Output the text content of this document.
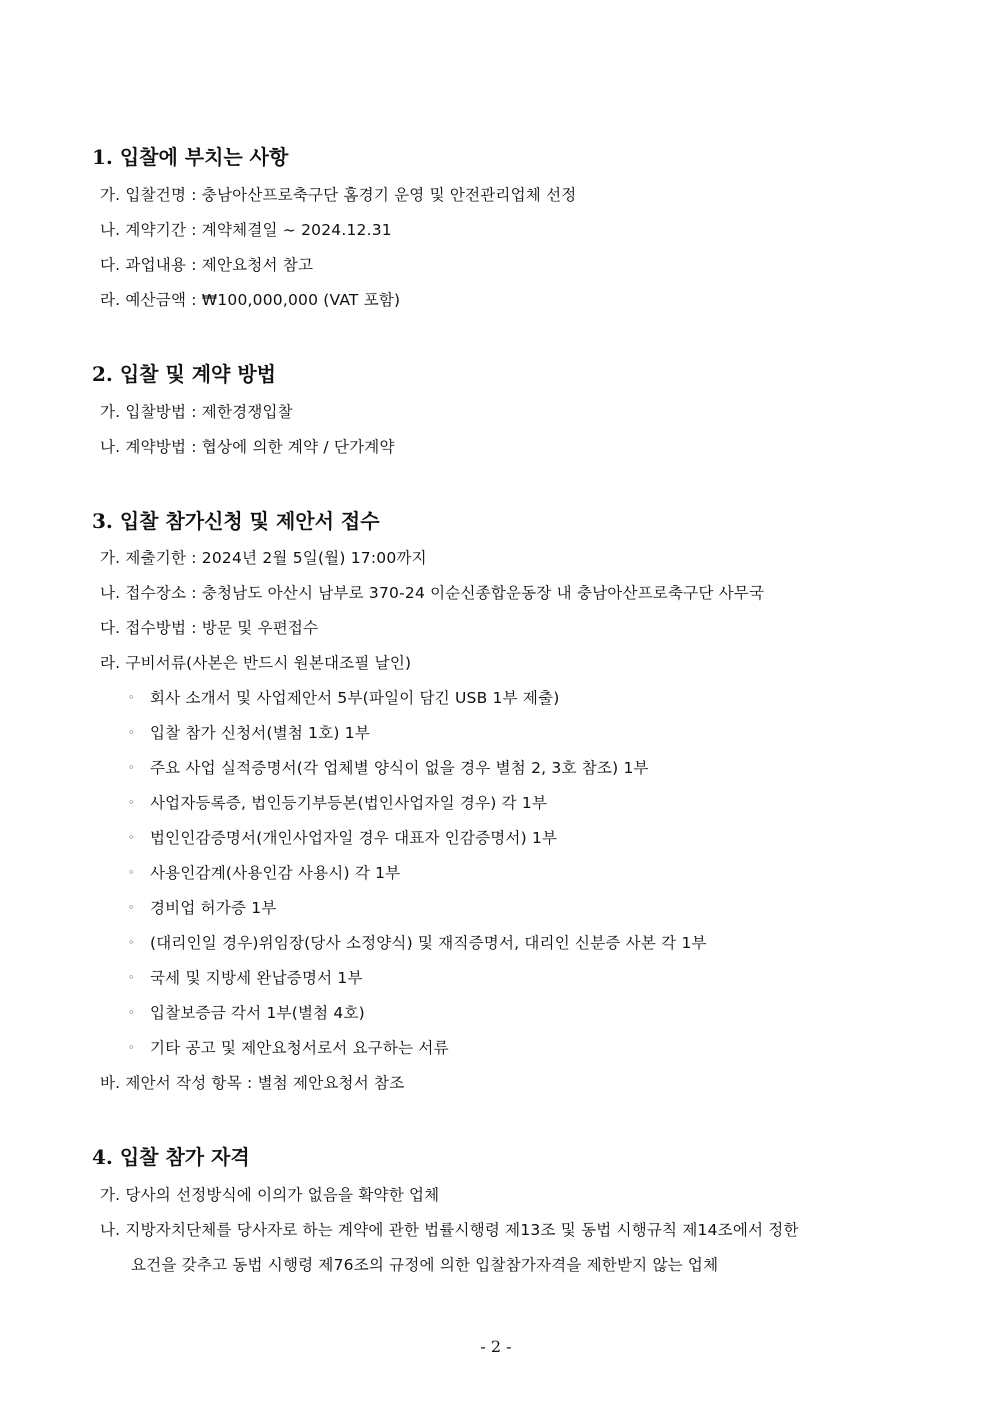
1. 입찰에 부치는 사항
가. 입찰건명 : 충남아산프로축구단 홈경기 운영 및 안전관리업체 선정
나. 계약기간 : 계약체결일 ~ 2024.12.31
다. 과업내용 : 제안요청서 참고
라. 예산금액 : ₩100,000,000 (VAT 포함)
2. 입찰 및 계약 방법
가. 입찰방법 : 제한경쟁입찰
나. 계약방법 : 협상에 의한 계약 / 단가계약
3. 입찰 참가신청 및 제안서 접수
가. 제출기한 : 2024년 2월 5일(월) 17:00까지
나. 접수장소 : 충청남도 아산시 남부로 370-24 이순신종합운동장 내 충남아산프로축구단 사무국
다. 접수방법 : 방문 및 우편접수
라. 구비서류(사본은 반드시 원본대조필 날인)
◦ 회사 소개서 및 사업제안서 5부(파일이 담긴 USB 1부 제출)
◦ 입찰 참가 신청서(별첨 1호) 1부
◦ 주요 사업 실적증명서(각 업체별 양식이 없을 경우 별첨 2, 3호 참조) 1부
◦ 사업자등록증, 법인등기부등본(법인사업자일 경우) 각 1부
◦ 법인인감증명서(개인사업자일 경우 대표자 인감증명서) 1부
◦ 사용인감계(사용인감 사용시) 각 1부
◦ 경비업 허가증 1부
◦ (대리인일 경우)위임장(당사 소정양식) 및 재직증명서, 대리인 신분증 사본 각 1부
◦ 국세 및 지방세 완납증명서 1부
◦ 입찰보증금 각서 1부(별첨 4호)
◦ 기타 공고 및 제안요청서로서 요구하는 서류
바. 제안서 작성 항목 : 별첨 제안요청서 참조
4. 입찰 참가 자격
가. 당사의 선정방식에 이의가 없음을 확약한 업체
나. 지방자치단체를 당사자로 하는 계약에 관한 법률시행령 제13조 및 동법 시행규칙 제14조에서 정한
요건을 갖추고 동법 시행령 제76조의 규정에 의한 입찰참가자격을 제한받지 않는 업체
- 2 -
